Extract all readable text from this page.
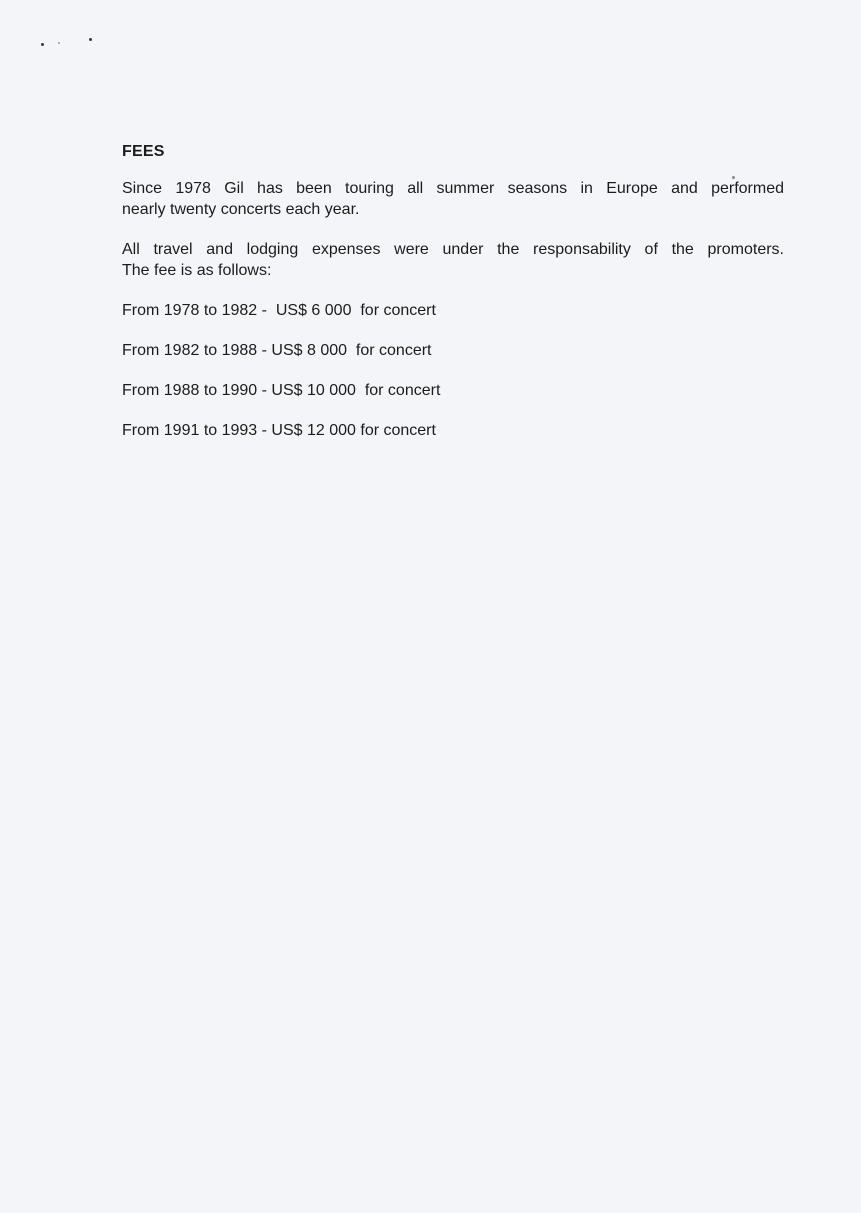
FEES

Since 1978 Gil has been touring all summer seasons in Europe and performed
nearly twenty concerts each year.

All travel and lodging expenses were under the responsability of the promoters.
The fee is as follows:

From 1978 to 1982 -  US$ 6 000  for concert
From 1982 to 1988 - US$ 8 000  for concert
From 1988 to 1990 - US$ 10 000  for concert
From 1991 to 1993 - US$ 12 000 for concert
